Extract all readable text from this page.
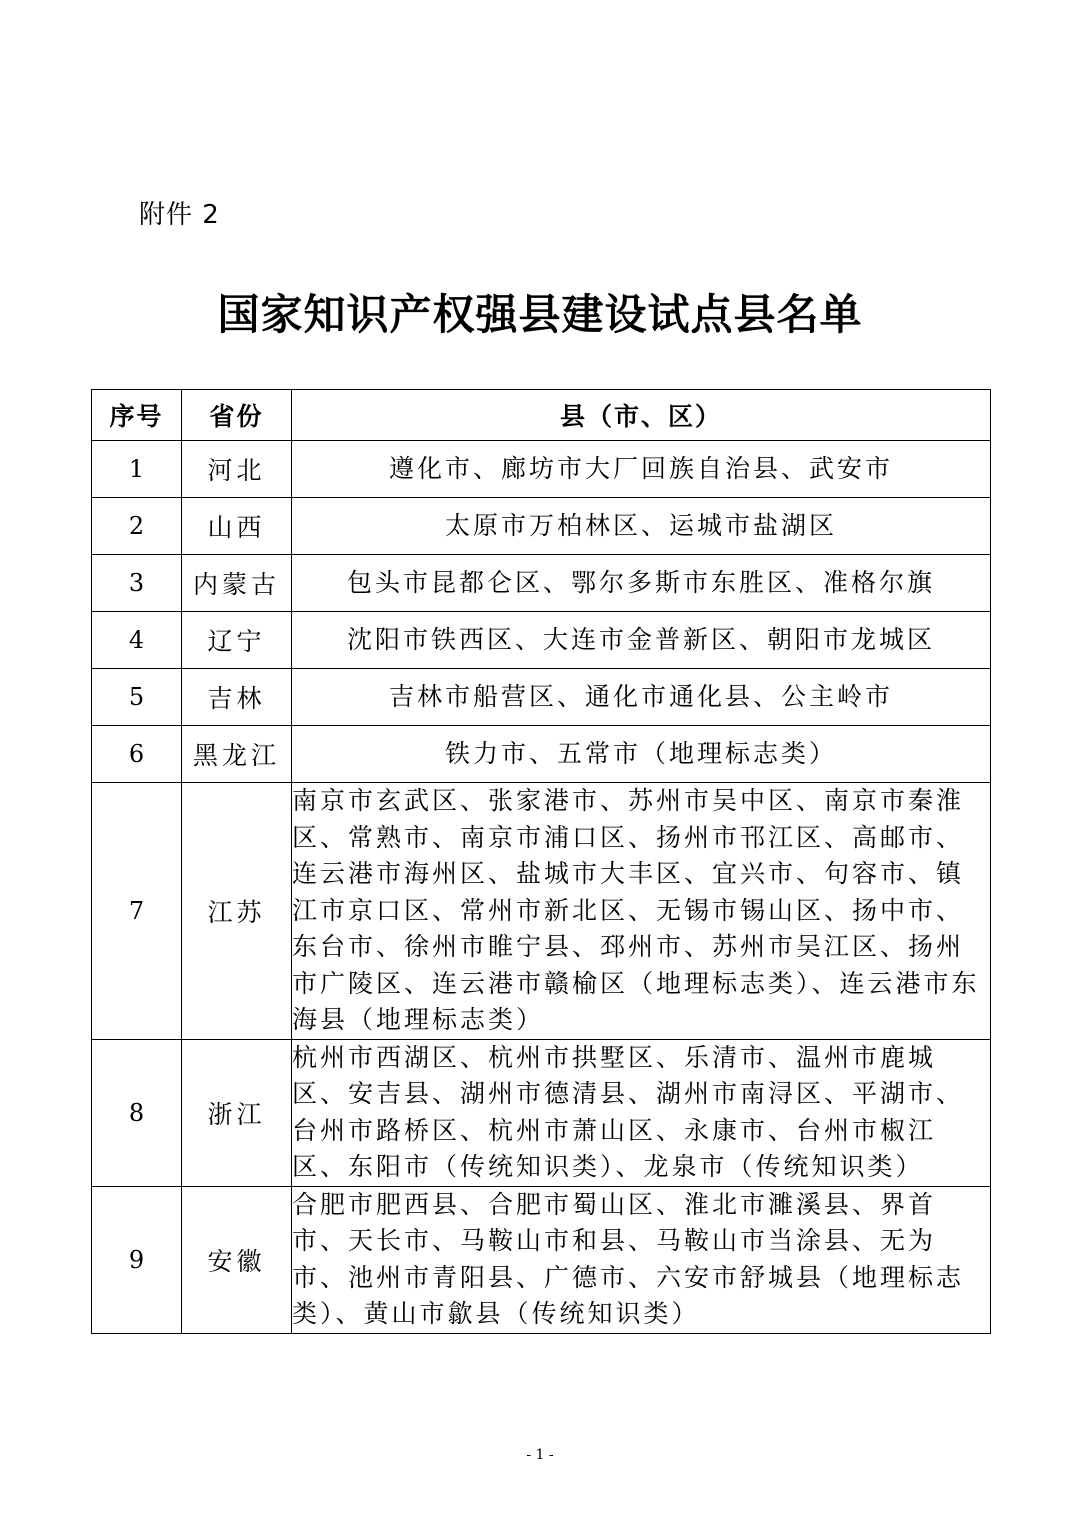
附件 2
国家知识产权强县建设试点县名单
序号	省份	县（市、区）
1	河北	遵化市、廊坊市大厂回族自治县、武安市
2	山西	太原市万柏林区、运城市盐湖区
3	内蒙古	包头市昆都仑区、鄂尔多斯市东胜区、准格尔旗
4	辽宁	沈阳市铁西区、大连市金普新区、朝阳市龙城区
5	吉林	吉林市船营区、通化市通化县、公主岭市
6	黑龙江	铁力市、五常市（地理标志类）
7	江苏	南京市玄武区、张家港市、苏州市吴中区、南京市秦淮区、常熟市、南京市浦口区、扬州市邗江区、高邮市、连云港市海州区、盐城市大丰区、宜兴市、句容市、镇江市京口区、常州市新北区、无锡市锡山区、扬中市、东台市、徐州市睢宁县、邳州市、苏州市吴江区、扬州市广陵区、连云港市赣榆区（地理标志类）、连云港市东海县（地理标志类）
8	浙江	杭州市西湖区、杭州市拱墅区、乐清市、温州市鹿城区、安吉县、湖州市德清县、湖州市南浔区、平湖市、台州市路桥区、杭州市萧山区、永康市、台州市椒江区、东阳市（传统知识类）、龙泉市（传统知识类）
9	安徽	合肥市肥西县、合肥市蜀山区、淮北市濉溪县、界首市、天长市、马鞍山市和县、马鞍山市当涂县、无为市、池州市青阳县、广德市、六安市舒城县（地理标志类）、黄山市歙县（传统知识类）
- 1 -
